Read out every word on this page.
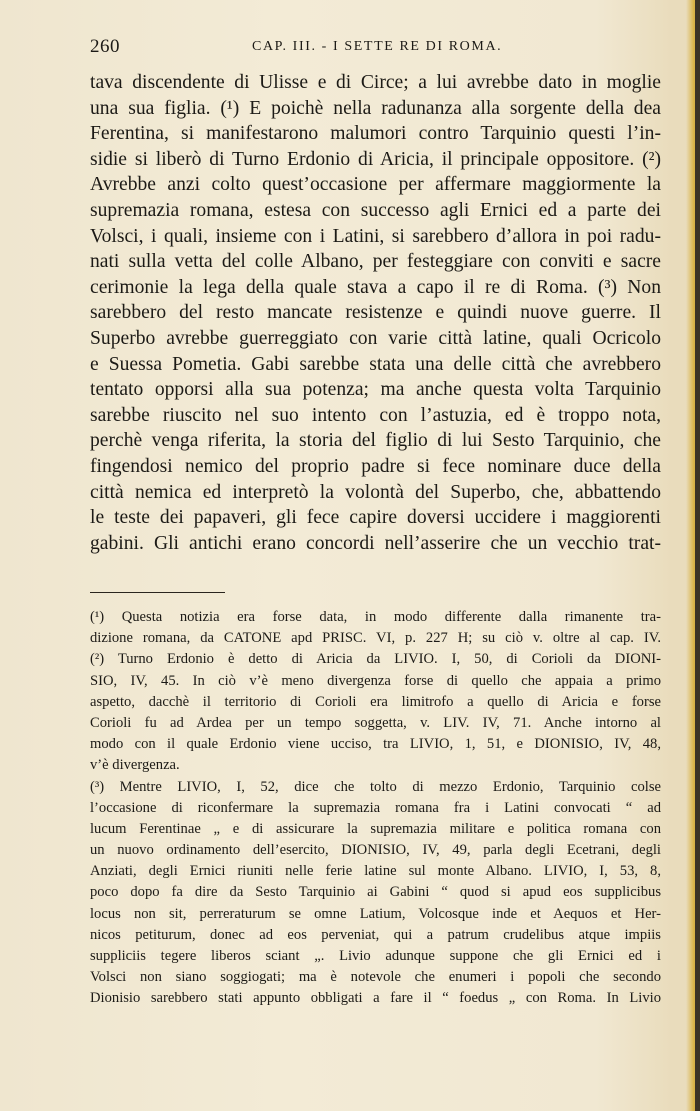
260	CAP. III. - I SETTE RE DI ROMA.
tava discendente di Ulisse e di Circe; a lui avrebbe dato in moglie
una sua figlia. (¹) E poichè nella radunanza alla sorgente della dea
Ferentina, si manifestarono malumori contro Tarquinio questi l’in-
sidie si liberò di Turno Erdonio di Aricia, il principale oppositore. (²)
Avrebbe anzi colto quest’occasione per affermare maggiormente la
supremazia romana, estesa con successo agli Ernici ed a parte dei
Volsci, i quali, insieme con i Latini, si sarebbero d’allora in poi radu-
nati sulla vetta del colle Albano, per festeggiare con conviti e sacre
cerimonie la lega della quale stava a capo il re di Roma. (³) Non
sarebbero del resto mancate resistenze e quindi nuove guerre. Il
Superbo avrebbe guerreggiato con varie città latine, quali Ocricolo
e Suessa Pometia. Gabi sarebbe stata una delle città che avrebbero
tentato opporsi alla sua potenza; ma anche questa volta Tarquinio
sarebbe riuscito nel suo intento con l’astuzia, ed è troppo nota,
perchè venga riferita, la storia del figlio di lui Sesto Tarquinio, che
fingendosi nemico del proprio padre si fece nominare duce della
città nemica ed interpretò la volontà del Superbo, che, abbattendo
le teste dei papaveri, gli fece capire doversi uccidere i maggiorenti
gabini. Gli antichi erano concordi nell’asserire che un vecchio trat-
(¹) Questa notizia era forse data, in modo differente dalla rimanente tra-
dizione romana, da CATONE apd PRISC. VI, p. 227 H; su ciò v. oltre al cap. IV.
(²) Turno Erdonio è detto di Aricia da LIVIO. I, 50, di Corioli da DIONI-
SIO, IV, 45. In ciò v’è meno divergenza forse di quello che appaia a primo
aspetto, dacchè il territorio di Corioli era limitrofo a quello di Aricia e forse
Corioli fu ad Ardea per un tempo soggetta, v. LIV. IV, 71. Anche intorno al
modo con il quale Erdonio viene ucciso, tra LIVIO, 1, 51, e DIONISIO, IV, 48,
v’è divergenza.
(³) Mentre LIVIO, I, 52, dice che tolto di mezzo Erdonio, Tarquinio colse
l’occasione di riconfermare la supremazia romana fra i Latini convocati “ ad
lucum Ferentinae „ e di assicurare la supremazia militare e politica romana con
un nuovo ordinamento dell’esercito, DIONISIO, IV, 49, parla degli Ecetrani, degli
Anziati, degli Ernici riuniti nelle ferie latine sul monte Albano. LIVIO, I, 53, 8,
poco dopo fa dire da Sesto Tarquinio ai Gabini “ quod si apud eos supplicibus
locus non sit, perreraturum se omne Latium, Volcosque inde et Aequos et Her-
nicos petiturum, donec ad eos perveniat, qui a patrum crudelibus atque impiis
suppliciis tegere liberos sciant „. Livio adunque suppone che gli Ernici ed i
Volsci non siano soggiogati; ma è notevole che enumeri i popoli che secondo
Dionisio sarebbero stati appunto obbligati a fare il “ foedus „ con Roma. In Livio
